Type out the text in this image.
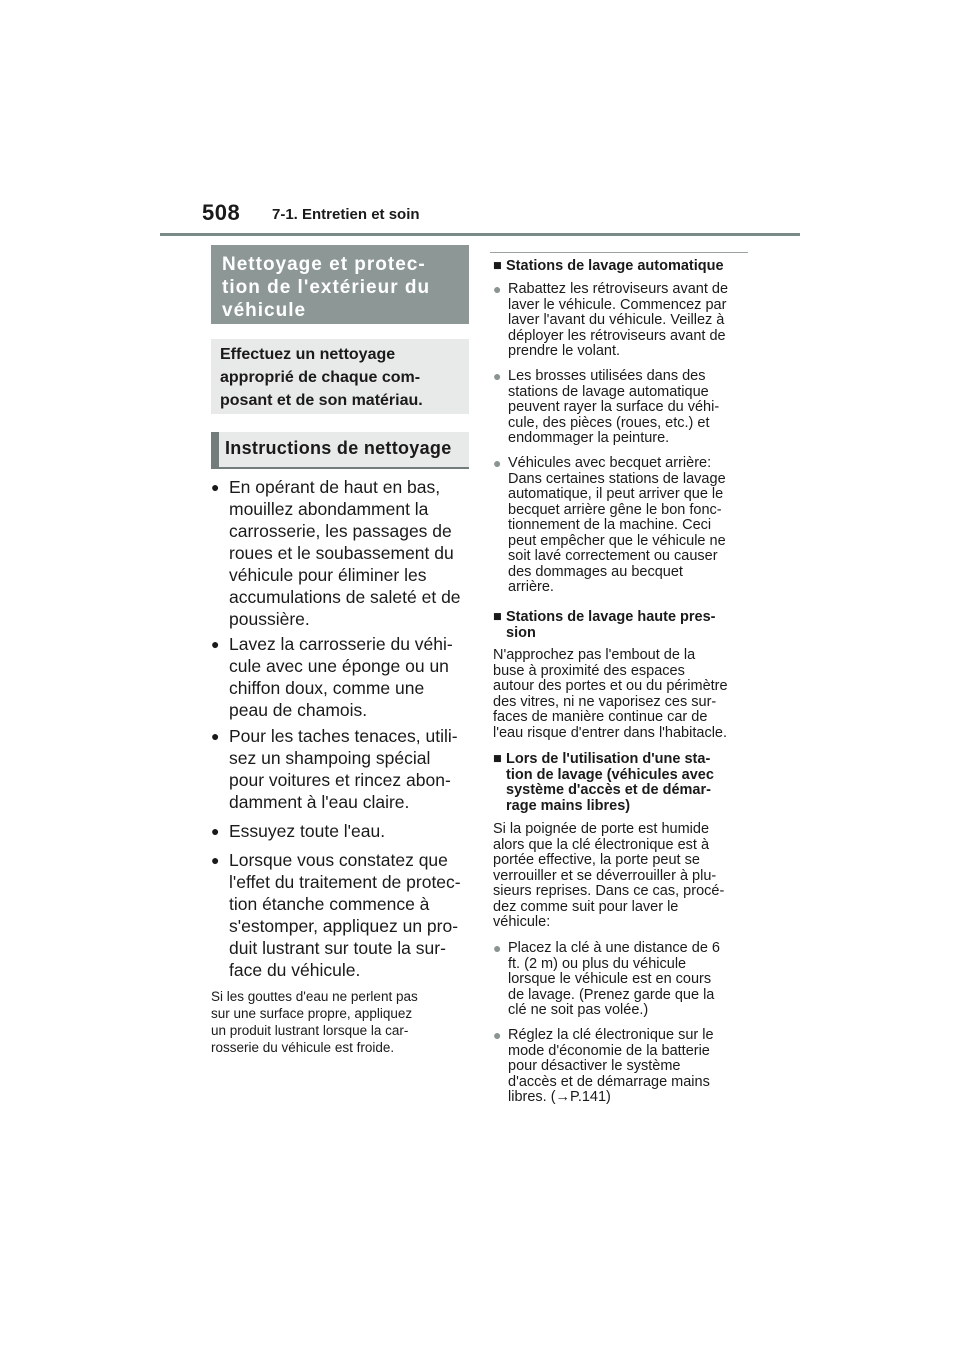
508 7-1. Entretien et soin
Nettoyage et protec-
tion de l'extérieur du
véhicule
Effectuez un nettoyage
approprié de chaque com-
posant et de son matériau.
Instructions de nettoyage
● En opérant de haut en bas,
mouillez abondamment la
carrosserie, les passages de
roues et le soubassement du
véhicule pour éliminer les
accumulations de saleté et de
poussière.
● Lavez la carrosserie du véhi-
cule avec une éponge ou un
chiffon doux, comme une
peau de chamois.
● Pour les taches tenaces, utili-
sez un shampoing spécial
pour voitures et rincez abon-
damment à l'eau claire.
● Essuyez toute l'eau.
● Lorsque vous constatez que
l'effet du traitement de protec-
tion étanche commence à
s'estomper, appliquez un pro-
duit lustrant sur toute la sur-
face du véhicule.
Si les gouttes d'eau ne perlent pas
sur une surface propre, appliquez
un produit lustrant lorsque la car-
rosserie du véhicule est froide.
■ Stations de lavage automatique
● Rabattez les rétroviseurs avant de
laver le véhicule. Commencez par
laver l'avant du véhicule. Veillez à
déployer les rétroviseurs avant de
prendre le volant.
● Les brosses utilisées dans des
stations de lavage automatique
peuvent rayer la surface du véhi-
cule, des pièces (roues, etc.) et
endommager la peinture.
● Véhicules avec becquet arrière:
Dans certaines stations de lavage
automatique, il peut arriver que le
becquet arrière gêne le bon fonc-
tionnement de la machine. Ceci
peut empêcher que le véhicule ne
soit lavé correctement ou causer
des dommages au becquet
arrière.
■ Stations de lavage haute pres-
sion
N'approchez pas l'embout de la
buse à proximité des espaces
autour des portes et ou du périmètre
des vitres, ni ne vaporisez ces sur-
faces de manière continue car de
l'eau risque d'entrer dans l'habitacle.
■ Lors de l'utilisation d'une sta-
tion de lavage (véhicules avec
système d'accès et de démar-
rage mains libres)
Si la poignée de porte est humide
alors que la clé électronique est à
portée effective, la porte peut se
verrouiller et se déverrouiller à plu-
sieurs reprises. Dans ce cas, procé-
dez comme suit pour laver le
véhicule:
● Placez la clé à une distance de 6
ft. (2 m) ou plus du véhicule
lorsque le véhicule est en cours
de lavage. (Prenez garde que la
clé ne soit pas volée.)
● Réglez la clé électronique sur le
mode d'économie de la batterie
pour désactiver le système
d'accès et de démarrage mains
libres. (→P.141)
